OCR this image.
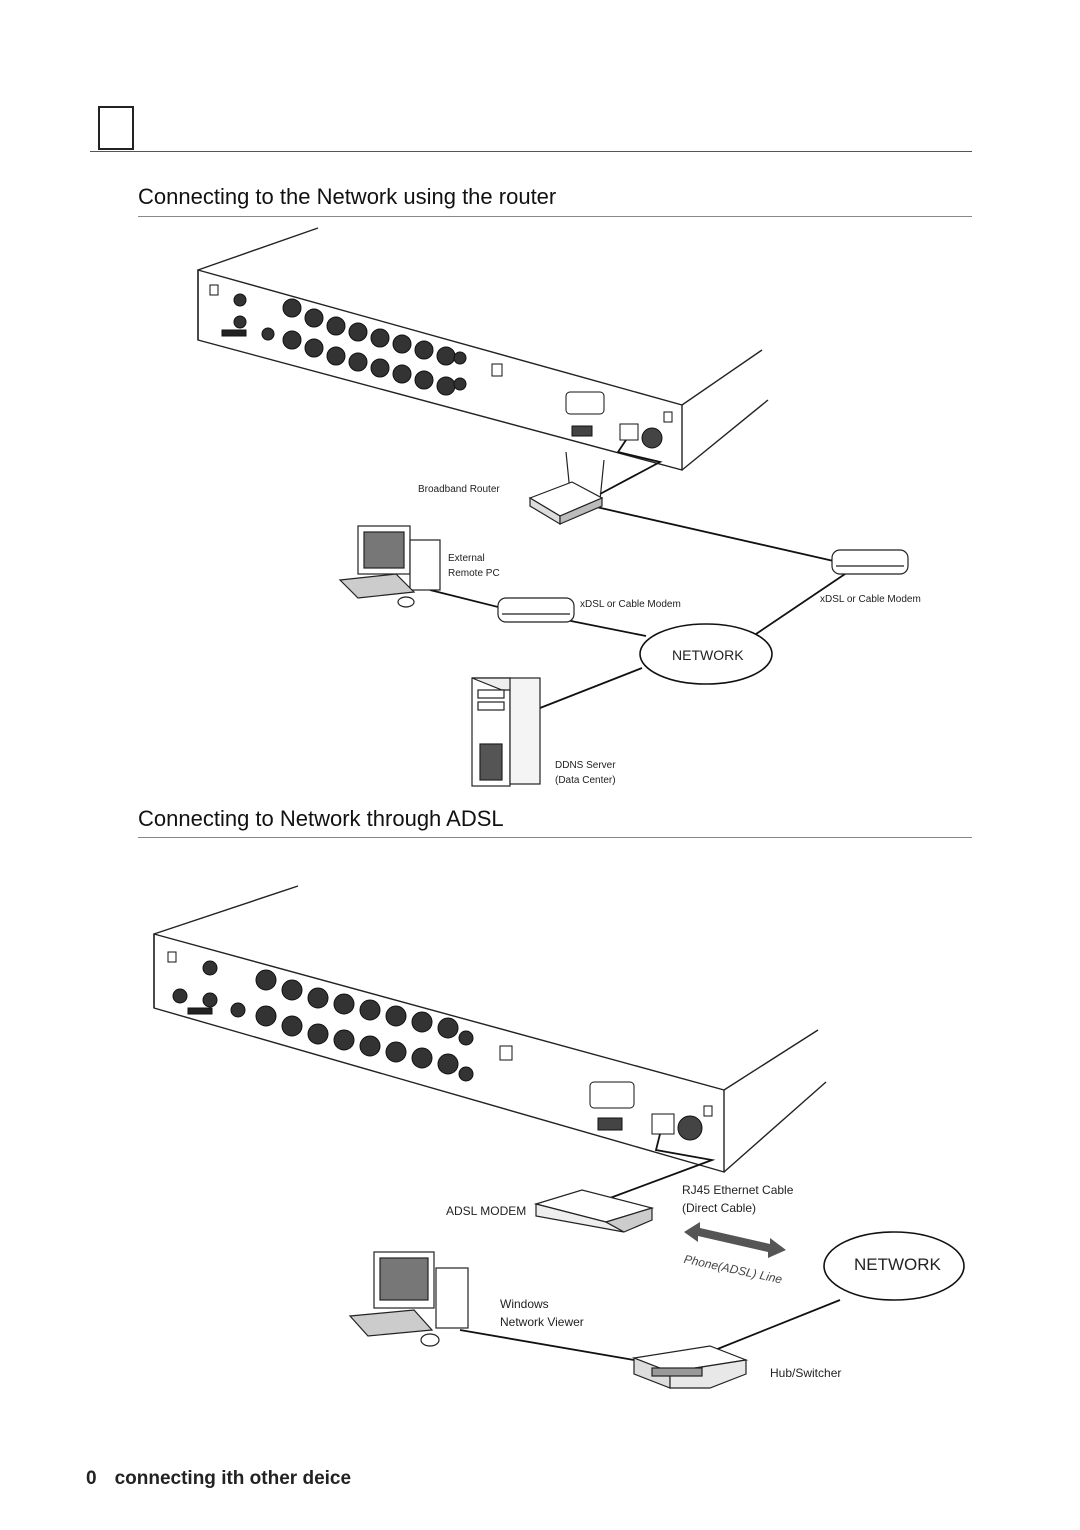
Connecting to the Network using the router
Broadband Router
External
Remote PC
xDSL or Cable Modem	xDSL or Cable Modem
NETWORK
DDNS Server
(Data Center)
Connecting to Network through ADSL
ADSL MODEM
RJ45 Ethernet Cable
(Direct Cable)
Phone(ADSL) Line	NETWORK
Windows
Network Viewer
Hub/Switcher
0 connecting ith other deice
